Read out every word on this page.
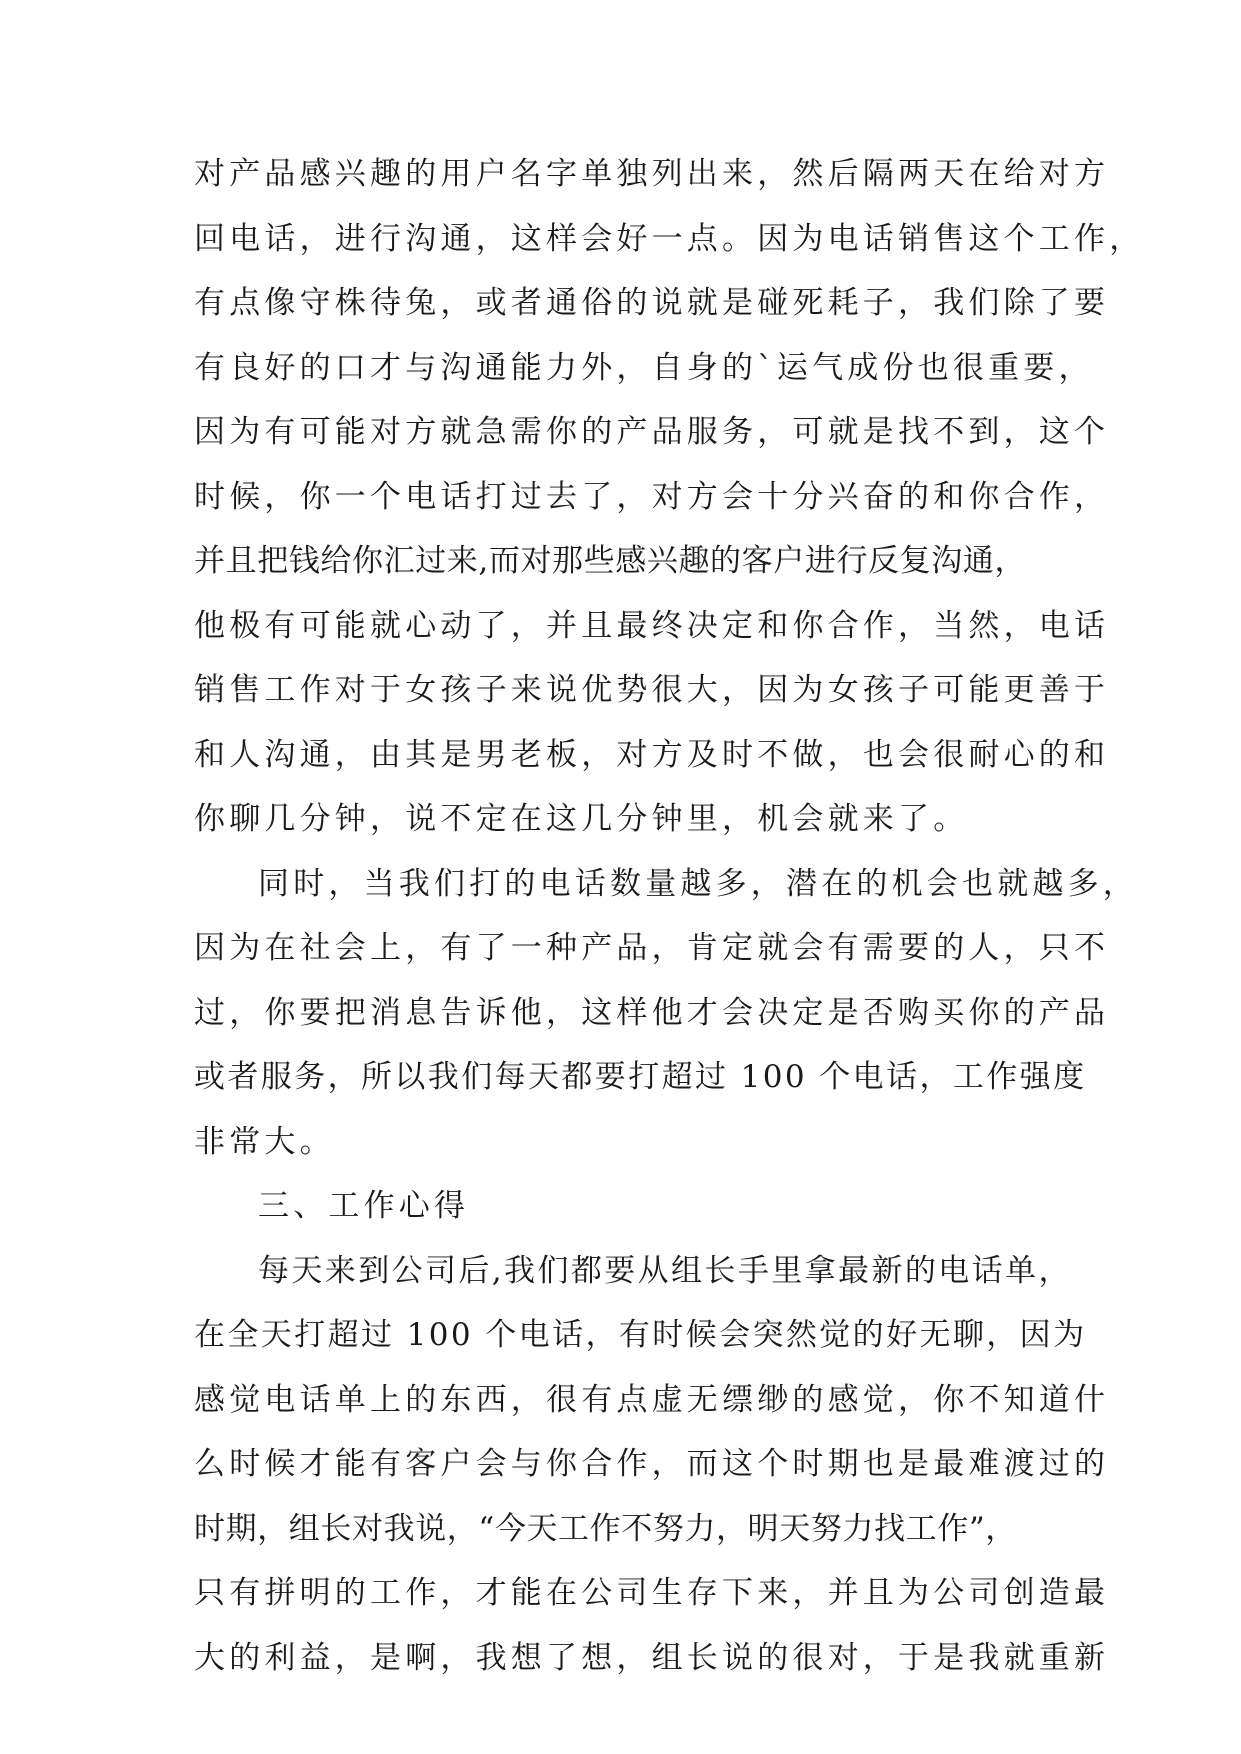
对产品感兴趣的用户名字单独列出来，然后隔两天在给对方
回电话，进行沟通，这样会好一点。因为电话销售这个工作，
有点像守株待兔，或者通俗的说就是碰死耗子，我们除了要
有良好的口才与沟通能力外，自身的`运气成份也很重要，
因为有可能对方就急需你的产品服务，可就是找不到，这个
时候，你一个电话打过去了，对方会十分兴奋的和你合作，
并且把钱给你汇过来,而对那些感兴趣的客户进行反复沟通，
他极有可能就心动了，并且最终决定和你合作，当然，电话
销售工作对于女孩子来说优势很大，因为女孩子可能更善于
和人沟通，由其是男老板，对方及时不做，也会很耐心的和
你聊几分钟，说不定在这几分钟里，机会就来了。
同时，当我们打的电话数量越多，潜在的机会也就越多，
因为在社会上，有了一种产品，肯定就会有需要的人，只不
过，你要把消息告诉他，这样他才会决定是否购买你的产品
或者服务，所以我们每天都要打超过 100 个电话，工作强度
非常大。
三、工作心得
每天来到公司后,我们都要从组长手里拿最新的电话单，
在全天打超过 100 个电话，有时候会突然觉的好无聊，因为
感觉电话单上的东西，很有点虚无缥缈的感觉，你不知道什
么时候才能有客户会与你合作，而这个时期也是最难渡过的
时期，组长对我说，“今天工作不努力，明天努力找工作”，
只有拼明的工作，才能在公司生存下来，并且为公司创造最
大的利益，是啊，我想了想，组长说的很对，于是我就重新
